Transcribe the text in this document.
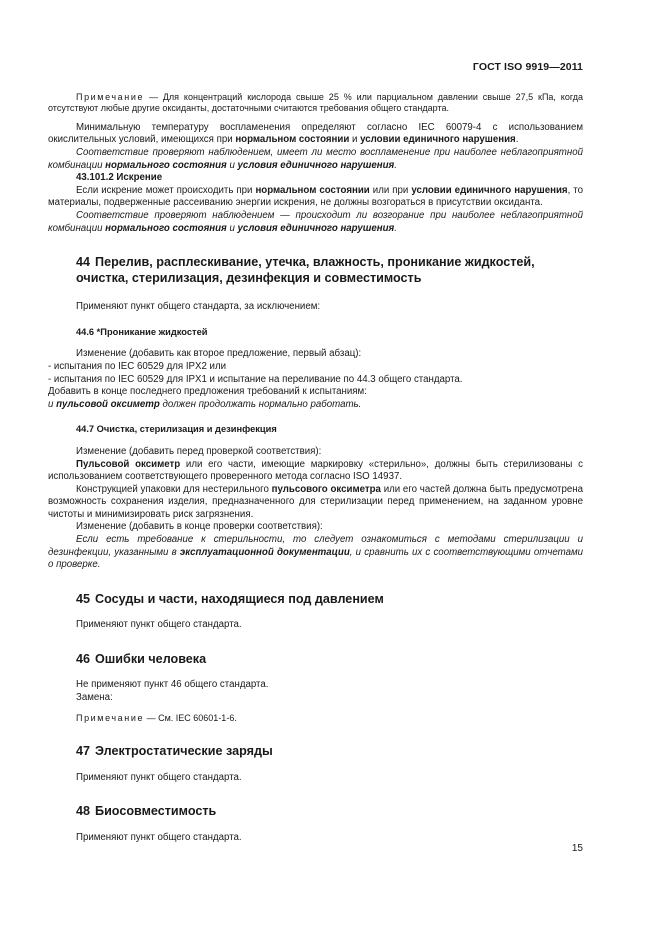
ГОСТ ISO 9919—2011

Примечание — Для концентраций кислорода свыше 25 % или парциальном давлении свыше 27,5 кПа, когда отсутствуют любые другие оксиданты, достаточными считаются требования общего стандарта.

Минимальную температуру воспламенения определяют согласно IEC 60079-4 с использованием окислительных условий, имеющихся при нормальном состоянии и условии единичного нарушения.

Соответствие проверяют наблюдением, имеет ли место воспламенение при наиболее неблагоприятной комбинации нормального состояния и условия единичного нарушения.

43.101.2 Искрение

Если искрение может происходить при нормальном состоянии или при условии единичного нарушения, то материалы, подверженные рассеиванию энергии искрения, не должны возгораться в присутствии оксиданта.

Соответствие проверяют наблюдением — происходит ли возгорание при наиболее неблагоприятной комбинации нормального состояния и условия единичного нарушения.

44 Перелив, расплескивание, утечка, влажность, проникание жидкостей, очистка, стерилизация, дезинфекция и совместимость

Применяют пункт общего стандарта, за исключением:

44.6 *Проникание жидкостей

Изменение (добавить как второе предложение, первый абзац):

- испытания по IEC 60529 для IPX2 или

- испытания по IEC 60529 для IPX1 и испытание на переливание по 44.3 общего стандарта.

Добавить в конце последнего предложения требований к испытаниям:

и пульсовой оксиметр должен продолжать нормально работать.

44.7 Очистка, стерилизация и дезинфекция

Изменение (добавить перед проверкой соответствия):

Пульсовой оксиметр или его части, имеющие маркировку «стерильно», должны быть стерилизованы с использованием соответствующего проверенного метода согласно ISO 14937.

Конструкцией упаковки для нестерильного пульсового оксиметра или его частей должна быть предусмотрена возможность сохранения изделия, предназначенного для стерилизации перед применением, на заданном уровне чистоты и минимизировать риск загрязнения.

Изменение (добавить в конце проверки соответствия):

Если есть требование к стерильности, то следует ознакомиться с методами стерилизации и дезинфекции, указанными в эксплуатационной документации, и сравнить их с соответствующими отчетами о проверке.

45 Сосуды и части, находящиеся под давлением

Применяют пункт общего стандарта.

46 Ошибки человека

Не применяют пункт 46 общего стандарта.

Замена:

Примечание — См. IEC 60601-1-6.

47 Электростатические заряды

Применяют пункт общего стандарта.

48 Биосовместимость

Применяют пункт общего стандарта.

15
